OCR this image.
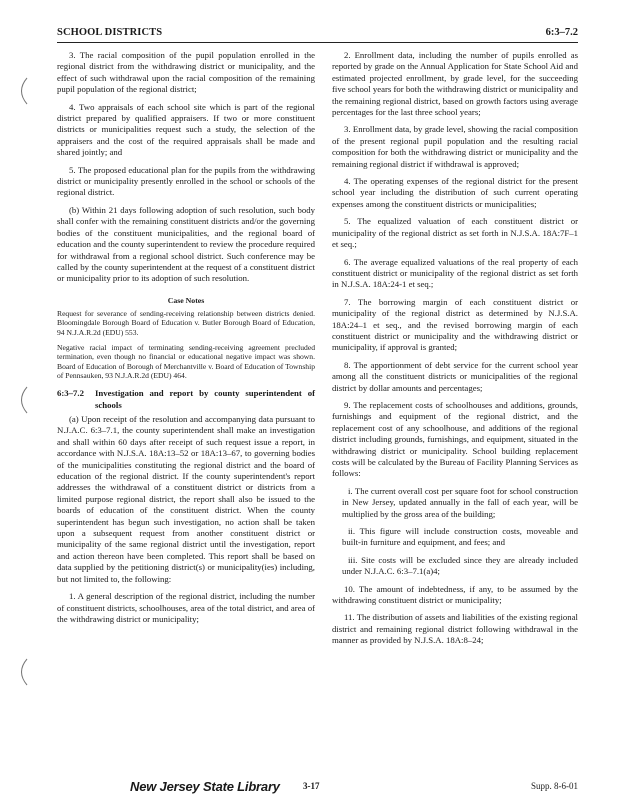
SCHOOL DISTRICTS	6:3–7.2

3. The racial composition of the pupil population enrolled in the regional district from the withdrawing district or municipality, and the effect of such withdrawal upon the racial composition of the remaining pupil population of the regional district;

4. Two appraisals of each school site which is part of the regional district prepared by qualified appraisers. If two or more constituent districts or municipalities request such a study, the selection of the appraisers and the cost of the required appraisals shall be made and shared jointly; and

5. The proposed educational plan for the pupils from the withdrawing district or municipality presently enrolled in the school or schools of the regional district.

(b) Within 21 days following adoption of such resolution, such body shall confer with the remaining constituent districts and/or the governing bodies of the constituent municipalities, and the regional board of education and the county superintendent to review the procedure required for withdrawal from a regional school district. Such conference may be called by the county superintendent at the request of a constituent district or municipality prior to its adoption of such resolution.

Case Notes

Request for severance of sending-receiving relationship between districts denied. Bloomingdale Borough Board of Education v. Butler Borough Board of Education, 94 N.J.A.R.2d (EDU) 553.

Negative racial impact of terminating sending-receiving agreement precluded termination, even though no financial or educational negative impact was shown. Board of Education of Borough of Merchantville v. Board of Education of Township of Pennsauken, 93 N.J.A.R.2d (EDU) 464.

6:3–7.2	Investigation and report by county superintendent of schools

(a) Upon receipt of the resolution and accompanying data pursuant to N.J.A.C. 6:3–7.1, the county superintendent shall make an investigation and shall within 60 days after receipt of such request issue a report, in accordance with N.J.S.A. 18A:13–52 or 18A:13–67, to governing bodies of the municipalities constituting the regional district and the board of education of the regional district. If the county superintendent's report addresses the withdrawal of a constituent district or districts from a limited purpose regional district, the report shall also be issued to the boards of education of the constituent district. When the county superintendent has begun such investigation, no action shall be taken upon a subsequent request from another constituent district or municipality of the same regional district until the investigation, report and action thereon have been completed. This report shall be based on data supplied by the petitioning district(s) or municipality(ies) including, but not limited to, the following:

1. A general description of the regional district, including the number of constituent districts, schoolhouses, area of the total district, and area of the withdrawing district or municipality;

2. Enrollment data, including the number of pupils enrolled as reported by grade on the Annual Application for State School Aid and estimated projected enrollment, by grade level, for the succeeding five school years for both the withdrawing district or municipality and the remaining regional district, based on growth factors using average percentages for the last three school years;

3. Enrollment data, by grade level, showing the racial composition of the present regional pupil population and the resulting racial composition for both the withdrawing district or municipality and the remaining regional district if withdrawal is approved;

4. The operating expenses of the regional district for the present school year including the distribution of such current operating expenses among the constituent districts or municipalities;

5. The equalized valuation of each constituent district or municipality of the regional district as set forth in N.J.S.A. 18A:7F–1 et seq.;

6. The average equalized valuations of the real property of each constituent district or municipality of the regional district as set forth in N.J.S.A. 18A:24-1 et seq.;

7. The borrowing margin of each constituent district or municipality of the regional district as determined by N.J.S.A. 18A:24–1 et seq., and the revised borrowing margin of each constituent district or municipality and the withdrawing district or municipality, if approval is granted;

8. The apportionment of debt service for the current school year among all the constituent districts or municipalities of the regional district by dollar amounts and percentages;

9. The replacement costs of schoolhouses and additions, grounds, furnishings and equipment of the regional district, and the replacement cost of any schoolhouse, and additions of the regional district including grounds, furnishings, and equipment, situated in the withdrawing district or municipality. School building replacement costs will be calculated by the Bureau of Facility Planning Services as follows:

i. The current overall cost per square foot for school construction in New Jersey, updated annually in the fall of each year, will be multiplied by the gross area of the building;

ii. This figure will include construction costs, moveable and built-in furniture and equipment, and fees; and

iii. Site costs will be excluded since they are already included under N.J.A.C. 6:3–7.1(a)4;

10. The amount of indebtedness, if any, to be assumed by the withdrawing constituent district or municipality;

11. The distribution of assets and liabilities of the existing regional district and remaining regional district following withdrawal in the manner as provided by N.J.S.A. 18A:8–24;

New Jersey State Library	3-17	Supp. 8-6-01
